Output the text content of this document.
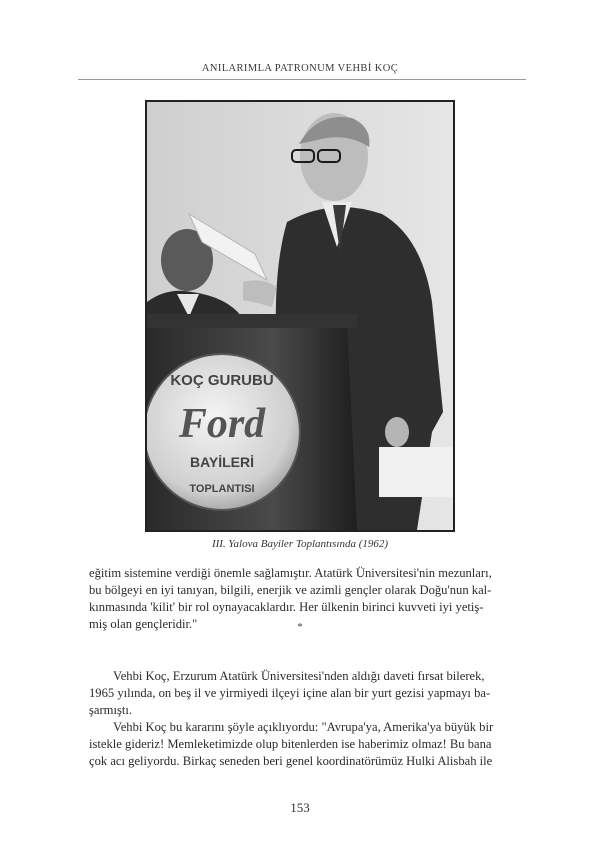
ANILARIMLA PATRONUM VEHBİ KOÇ
KOÇ GURUBU
Ford
BAYİLERİ
TOPLANTISI
III. Yalova Bayiler Toplantısında (1962)

eğitim sistemine verdiği önemle sağlamıştır. Atatürk Üniversitesi'nin mezunları,

bu bölgeyi en iyi tanıyan, bilgili, enerjik ve azimli gençler olarak Doğu'nun kal-

kınmasında 'kilit' bir rol oynayacaklardır. Her ülkenin birinci kuvveti iyi yetiş-

miş olan gençleridir."	*

Vehbi Koç, Erzurum Atatürk Üniversitesi'nden aldığı daveti fırsat bilerek,

1965 yılında, on beş il ve yirmiyedi ilçeyi içine alan bir yurt gezisi yapmayı ba-

şarmıştı.

Vehbi Koç bu kararını şöyle açıklıyordu: "Avrupa'ya, Amerika'ya büyük bir

istekle gideriz! Memleketimizde olup bitenlerden ise haberimiz olmaz! Bu bana

çok acı geliyordu. Birkaç seneden beri genel koordinatörümüz Hulki Alisbah ile

153
